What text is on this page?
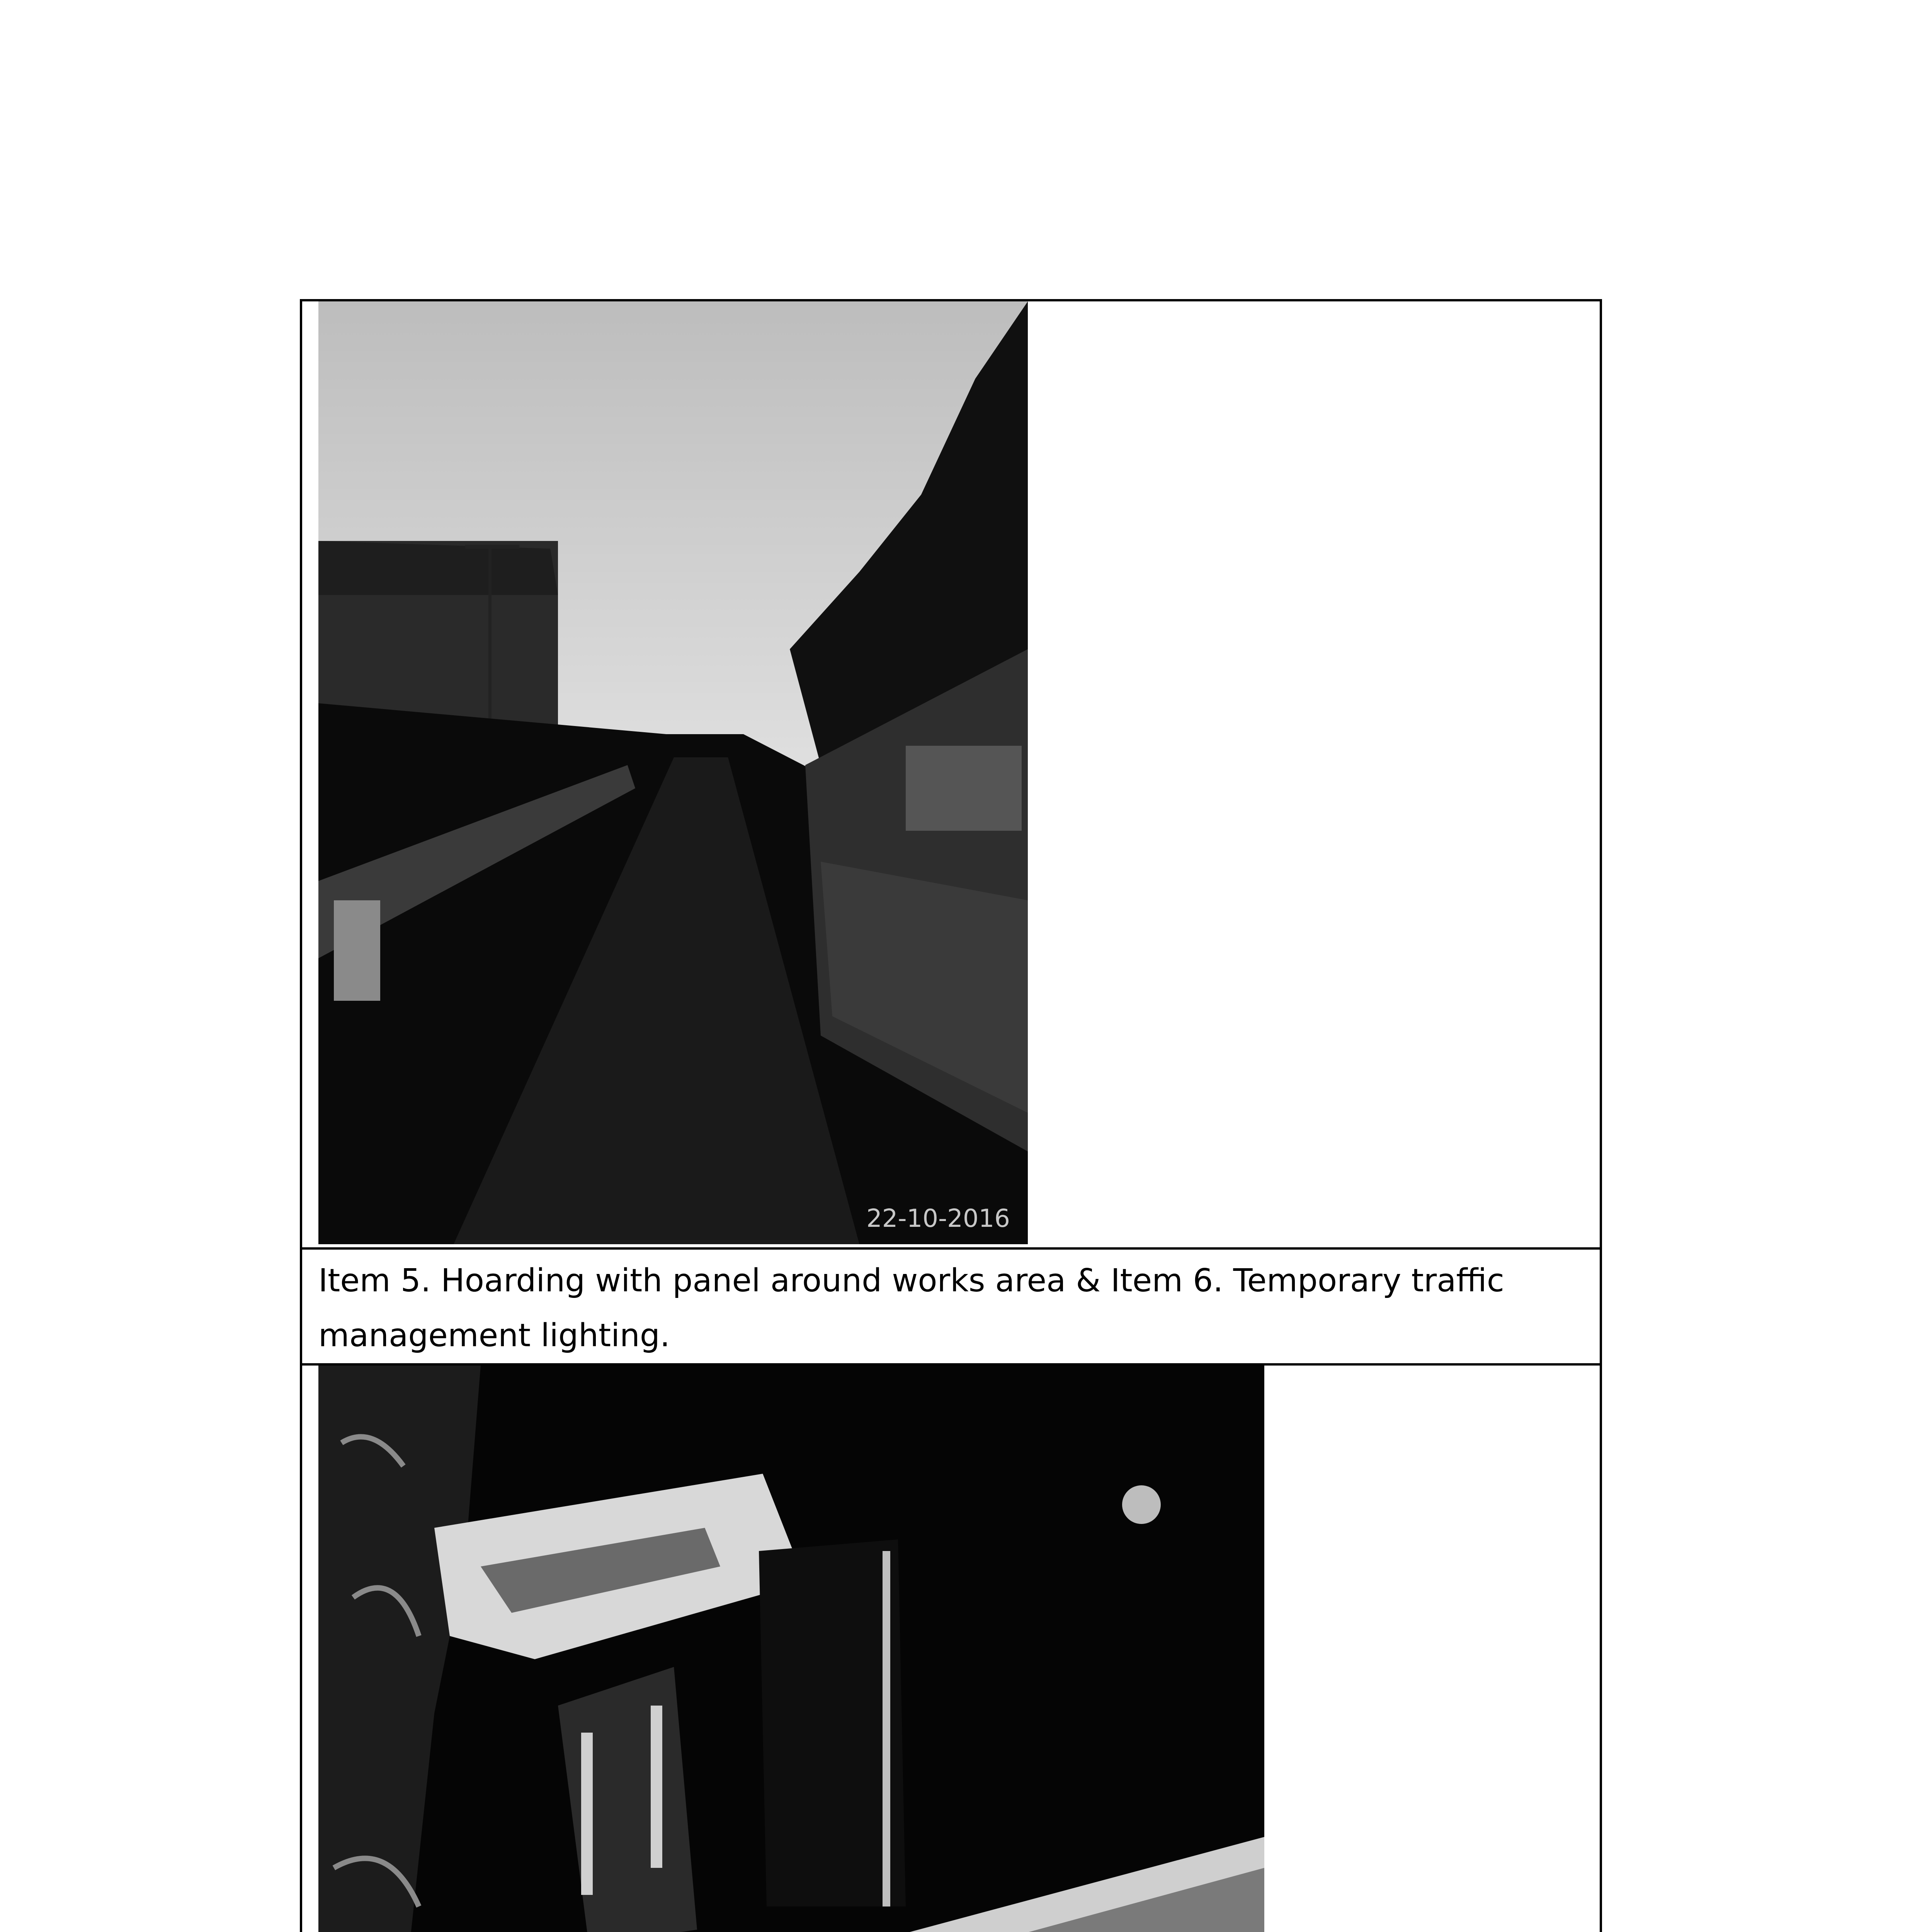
22-10-2016

Item 5. Hoarding with panel around works area & Item 6. Temporary traffic management lighting.
